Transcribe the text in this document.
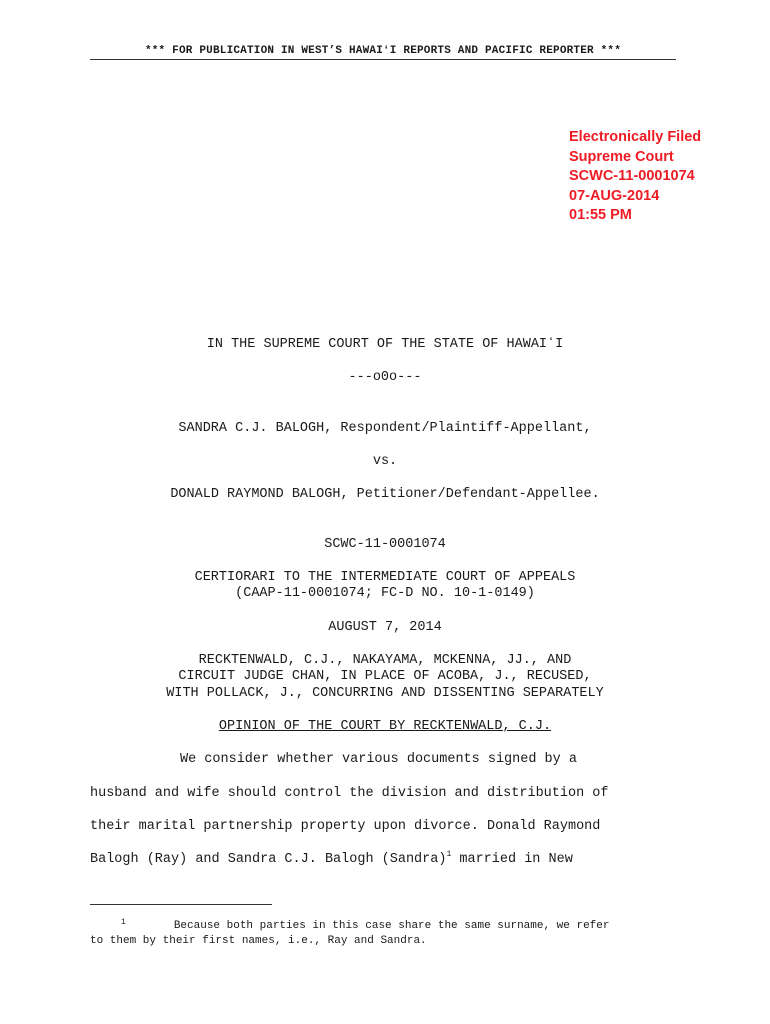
*** FOR PUBLICATION IN WEST’S HAWAIʻI REPORTS AND PACIFIC REPORTER ***
Electronically Filed
Supreme Court
SCWC-11-0001074
07-AUG-2014
01:55 PM
IN THE SUPREME COURT OF THE STATE OF HAWAIʻI
---o0o---
SANDRA C.J. BALOGH, Respondent/Plaintiff-Appellant,
vs.
DONALD RAYMOND BALOGH, Petitioner/Defendant-Appellee.
SCWC-11-0001074
CERTIORARI TO THE INTERMEDIATE COURT OF APPEALS
(CAAP-11-0001074; FC-D NO. 10-1-0149)
AUGUST 7, 2014
RECKTENWALD, C.J., NAKAYAMA, MCKENNA, JJ., AND
CIRCUIT JUDGE CHAN, IN PLACE OF ACOBA, J., RECUSED,
WITH POLLACK, J., CONCURRING AND DISSENTING SEPARATELY
OPINION OF THE COURT BY RECKTENWALD, C.J.
We consider whether various documents signed by a
husband and wife should control the division and distribution of
their marital partnership property upon divorce. Donald Raymond
Balogh (Ray) and Sandra C.J. Balogh (Sandra)$^1$ married in New
$^1$	Because both parties in this case share the same surname, we refer
to them by their first names, i.e., Ray and Sandra.
